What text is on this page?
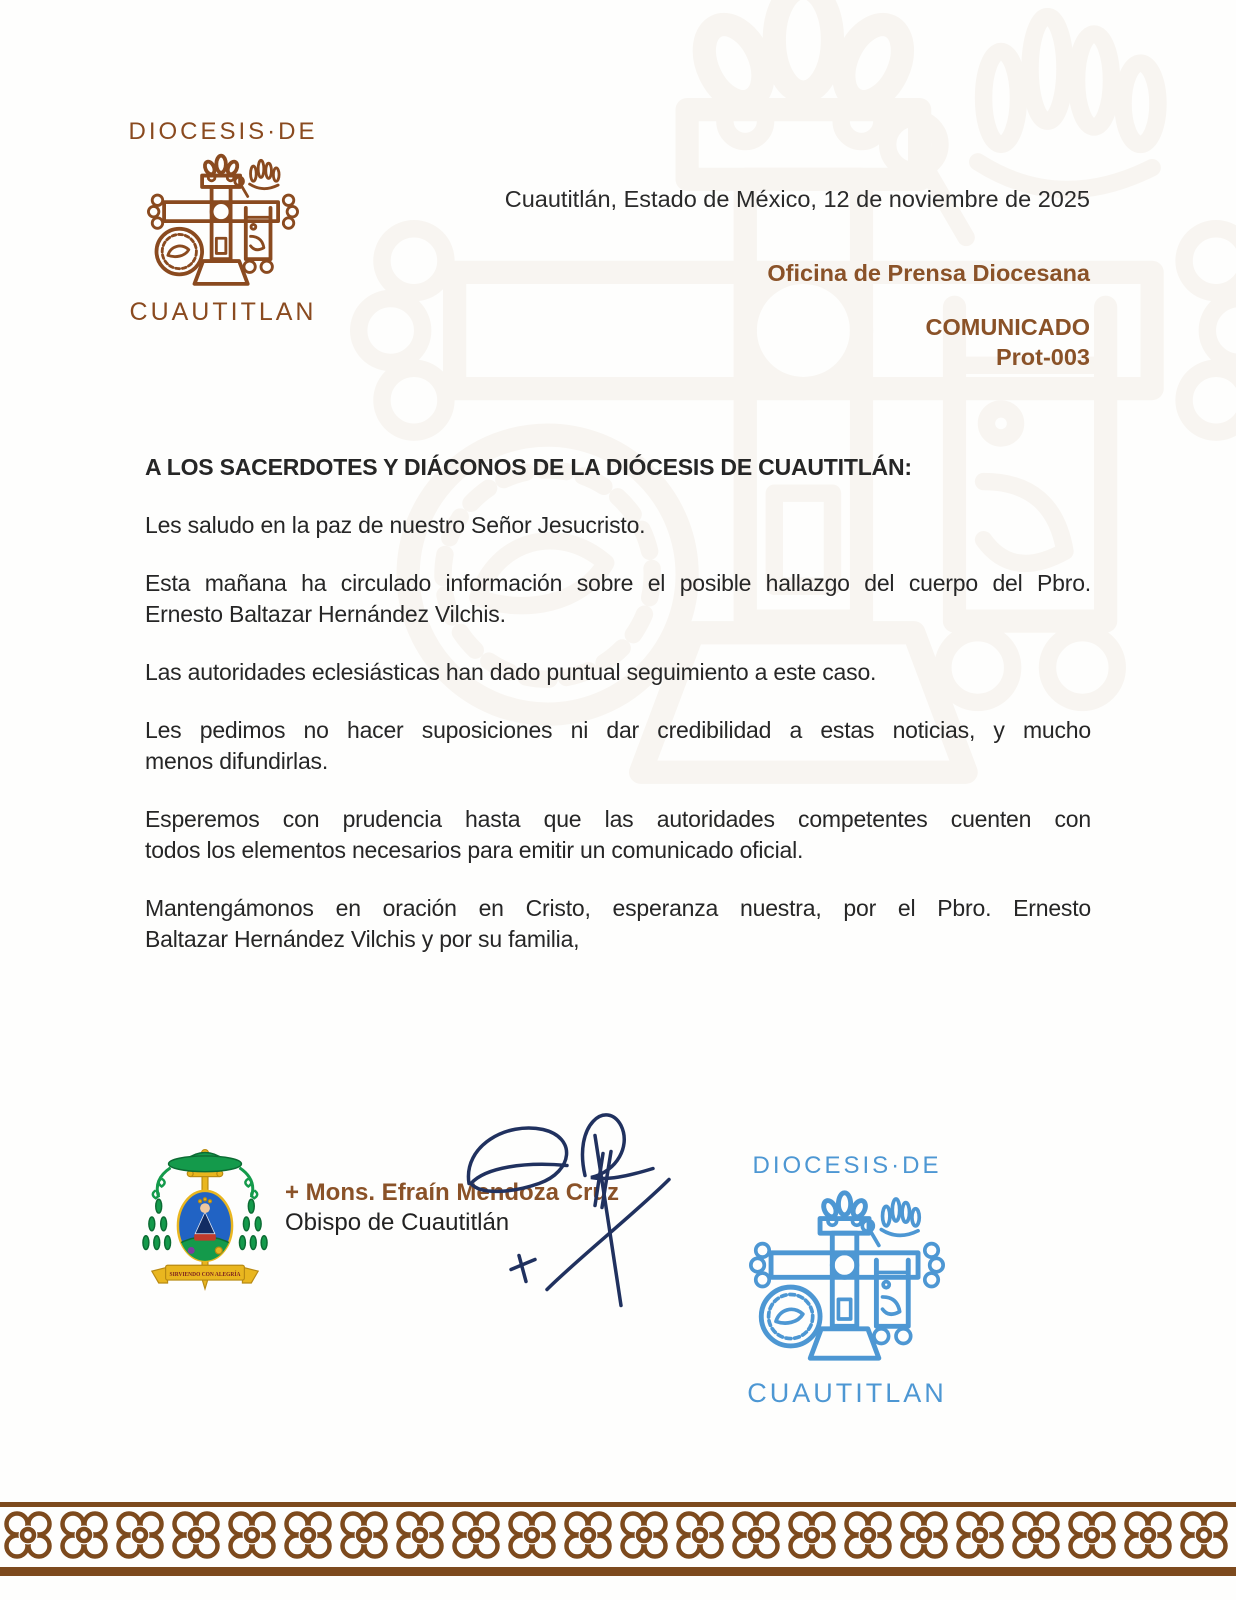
DIOCESIS·DE
CUAUTITLAN
Cuautitlán, Estado de México, 12 de noviembre de 2025
Oficina de Prensa Diocesana
COMUNICADO
Prot-003
A LOS SACERDOTES Y DIÁCONOS DE LA DIÓCESIS DE CUAUTITLÁN:
Les saludo en la paz de nuestro Señor Jesucristo.
Esta mañana ha circulado información sobre el posible hallazgo del cuerpo del Pbro.
Ernesto Baltazar Hernández Vilchis.
Las autoridades eclesiásticas han dado puntual seguimiento a este caso.
Les pedimos no hacer suposiciones ni dar credibilidad a estas noticias, y mucho
menos difundirlas.
Esperemos con prudencia hasta que las autoridades competentes cuenten con
todos los elementos necesarios para emitir un comunicado oficial.
Mantengámonos en oración en Cristo, esperanza nuestra, por el Pbro. Ernesto
Baltazar Hernández Vilchis y por su familia,
SIRVIENDO CON ALEGRÍA
+ Mons. Efraín Mendoza Cruz
Obispo de Cuautitlán
DIOCESIS·DE
CUAUTITLAN
